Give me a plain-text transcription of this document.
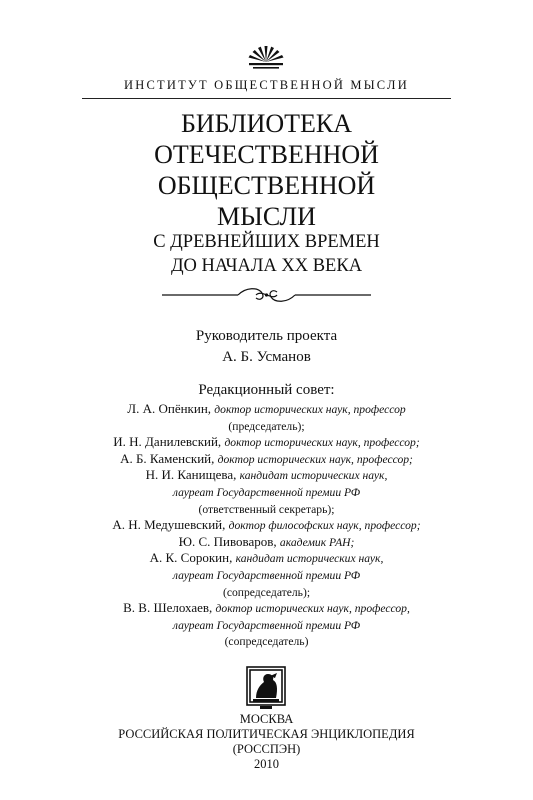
ИНСТИТУТ ОБЩЕСТВЕННОЙ МЫСЛИ
БИБЛИОТЕКА
ОТЕЧЕСТВЕННОЙ
ОБЩЕСТВЕННОЙ
МЫСЛИ
С ДРЕВНЕЙШИХ ВРЕМЕН
ДО НАЧАЛА XX ВЕКА
Руководитель проекта
А. Б. Усманов
Редакционный совет:
Л. А. Опёнкин, доктор исторических наук, профессор
(председатель);
И. Н. Данилевский, доктор исторических наук, профессор;
А. Б. Каменский, доктор исторических наук, профессор;
Н. И. Канищева, кандидат исторических наук,
лауреат Государственной премии РФ
(ответственный секретарь);
А. Н. Медушевский, доктор философских наук, профессор;
Ю. С. Пивоваров, академик РАН;
А. К. Сорокин, кандидат исторических наук,
лауреат Государственной премии РФ
(сопредседатель);
В. В. Шелохаев, доктор исторических наук, профессор,
лауреат Государственной премии РФ
(сопредседатель)
МОСКВА
РОССИЙСКАЯ ПОЛИТИЧЕСКАЯ ЭНЦИКЛОПЕДИЯ
(РОССПЭН)
2010
